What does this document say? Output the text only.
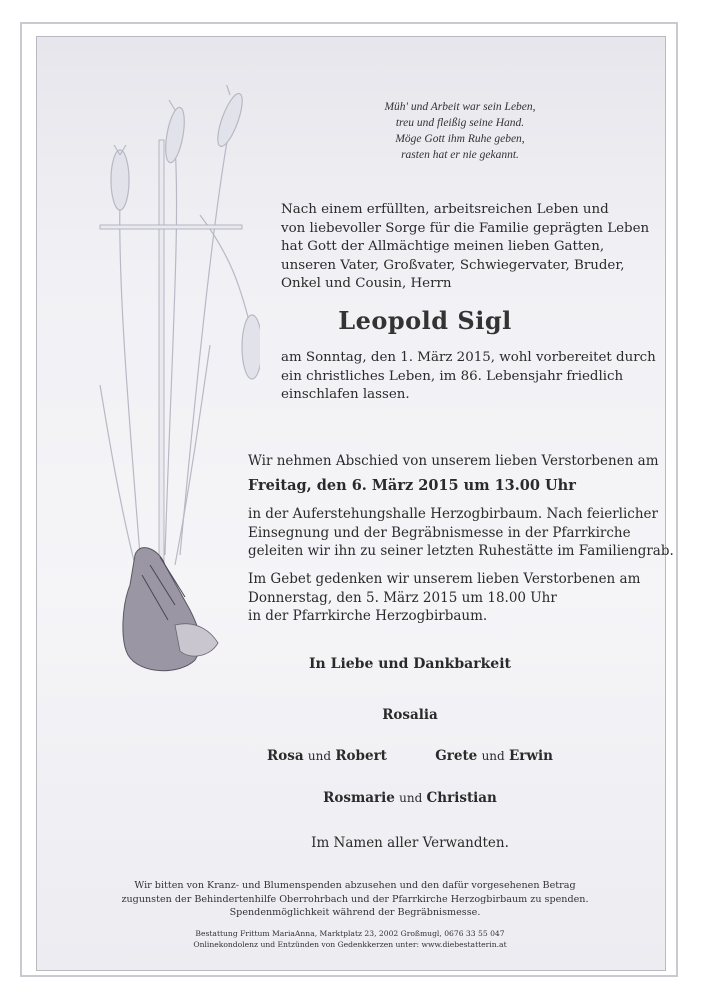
Müh' und Arbeit war sein Leben,
treu und fleißig seine Hand.
Möge Gott ihm Ruhe geben,
rasten hat er nie gekannt.
Nach einem erfüllten, arbeitsreichen Leben und
von liebevoller Sorge für die Familie geprägten Leben
hat Gott der Allmächtige meinen lieben Gatten,
unseren Vater, Großvater, Schwiegervater, Bruder,
Onkel und Cousin, Herrn
Leopold Sigl
am Sonntag, den 1. März 2015, wohl vorbereitet durch
ein christliches Leben, im 86. Lebensjahr friedlich
einschlafen lassen.
Wir nehmen Abschied von unserem lieben Verstorbenen am
Freitag, den 6. März 2015 um 13.00 Uhr
in der Auferstehungshalle Herzogbirbaum. Nach feierlicher
Einsegnung und der Begräbnismesse in der Pfarrkirche
geleiten wir ihn zu seiner letzten Ruhestätte im Familiengrab.
Im Gebet gedenken wir unserem lieben Verstorbenen am
Donnerstag, den 5. März 2015 um 18.00 Uhr
in der Pfarrkirche Herzogbirbaum.
In Liebe und Dankbarkeit
Rosalia
Rosa und Robert	Grete und Erwin
Rosmarie und Christian
Im Namen aller Verwandten.
Wir bitten von Kranz- und Blumenspenden abzusehen und den dafür vorgesehenen Betrag
zugunsten der Behindertenhilfe Oberrohrbach und der Pfarrkirche Herzogbirbaum zu spenden.
Spendenmöglichkeit während der Begräbnismesse.
Bestattung Frittum MariaAnna, Marktplatz 23, 2002 Großmugl, 0676 33 55 047
Onlinekondolenz und Entzünden von Gedenkkerzen unter: www.diebestatterin.at
